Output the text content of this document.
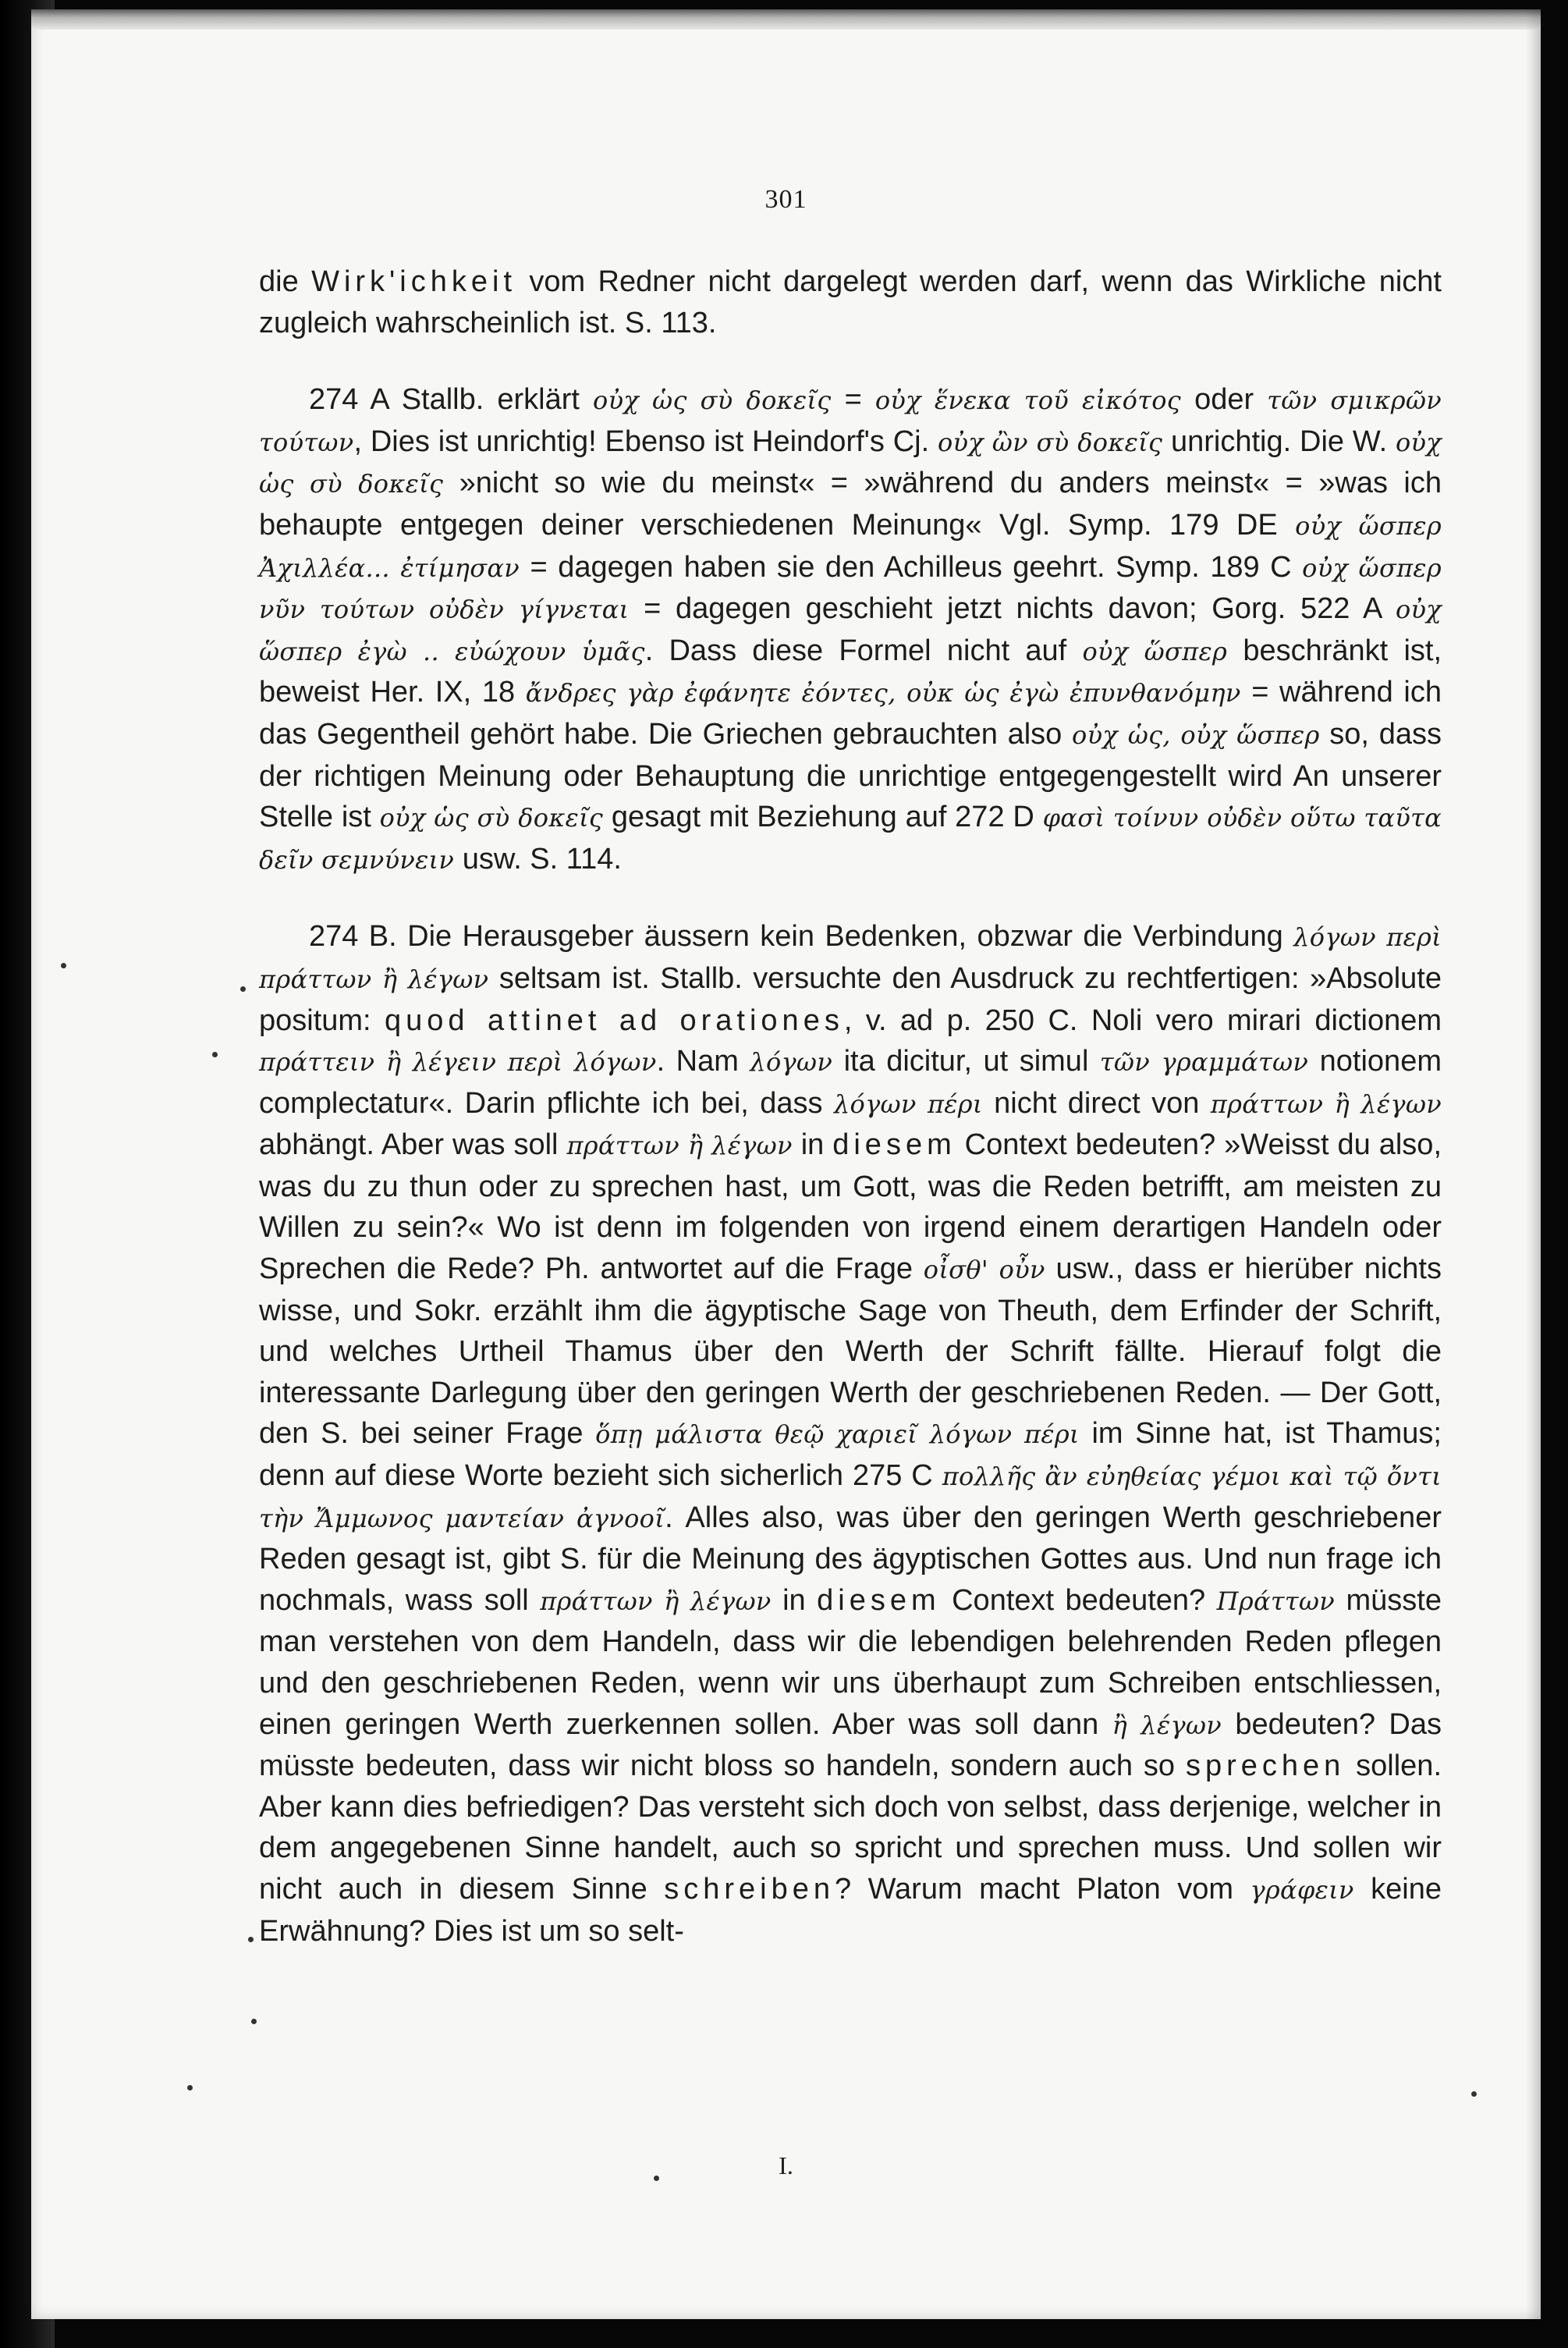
301

die Wirk'ichkeit vom Redner nicht dargelegt werden darf, wenn das Wirkliche nicht zugleich wahrscheinlich ist. S. 113.

274 A Stallb. erklärt οὐχ ὡς σὺ δοκεῖς = οὐχ ἕνεκα τοῦ εἰκότος oder τῶν σμικρῶν τούτων, Dies ist unrichtig! Ebenso ist Heindorf's Cj. οὐχ ὢν σὺ δοκεῖς unrichtig. Die W. οὐχ ὡς σὺ δοκεῖς »nicht so wie du meinst« = »während du anders meinst« = »was ich behaupte entgegen deiner verschiedenen Meinung« Vgl. Symp. 179 DE οὐχ ὥσπερ Ἀχιλλέα... ἐτίμησαν = dagegen haben sie den Achilleus geehrt. Symp. 189 C οὐχ ὥσπερ νῦν τούτων οὐδὲν γίγνεται = dagegen geschieht jetzt nichts davon; Gorg. 522 A οὐχ ὥσπερ ἐγὼ .. εὐώχουν ὑμᾶς. Dass diese Formel nicht auf οὐχ ὥσπερ beschränkt ist, beweist Her. IX, 18 ἄνδρες γὰρ ἐφάνητε ἐόντες, οὐκ ὡς ἐγὼ ἐπυνθανόμην = während ich das Gegentheil gehört habe. Die Griechen gebrauchten also οὐχ ὡς, οὐχ ὥσπερ so, dass der richtigen Meinung oder Behauptung die unrichtige entgegengestellt wird An unserer Stelle ist οὐχ ὡς σὺ δοκεῖς gesagt mit Beziehung auf 272 D φασὶ τοίνυν οὐδὲν οὕτω ταῦτα δεῖν σεμνύνειν usw. S. 114.

274 B. Die Herausgeber äussern kein Bedenken, obzwar die Verbindung λόγων περὶ πράττων ἢ λέγων seltsam ist. Stallb. versuchte den Ausdruck zu rechtfertigen: »Absolute positum: quod attinet ad orationes, v. ad p. 250 C. Noli vero mirari dictionem πράττειν ἢ λέγειν περὶ λόγων. Nam λόγων ita dicitur, ut simul τῶν γραμμάτων notionem complectatur«. Darin pflichte ich bei, dass λόγων πέρι nicht direct von πράττων ἢ λέγων abhängt. Aber was soll πράττων ἢ λέγων in diesem Context bedeuten? »Weisst du also, was du zu thun oder zu sprechen hast, um Gott, was die Reden betrifft, am meisten zu Willen zu sein?« Wo ist denn im folgenden von irgend einem derartigen Handeln oder Sprechen die Rede? Ph. antwortet auf die Frage οἶσθ' οὖν usw., dass er hierüber nichts wisse, und Sokr. erzählt ihm die ägyptische Sage von Theuth, dem Erfinder der Schrift, und welches Urtheil Thamus über den Werth der Schrift fällte. Hierauf folgt die interessante Darlegung über den geringen Werth der geschriebenen Reden. — Der Gott, den S. bei seiner Frage ὅπῃ μάλιστα θεῷ χαριεῖ λόγων πέρι im Sinne hat, ist Thamus; denn auf diese Worte bezieht sich sicherlich 275 C πολλῆς ἂν εὐηθείας γέμοι καὶ τῷ ὄντι τὴν Ἄμμωνος μαντείαν ἀγνοοῖ. Alles also, was über den geringen Werth geschriebener Reden gesagt ist, gibt S. für die Meinung des ägyptischen Gottes aus. Und nun frage ich nochmals, wass soll πράττων ἢ λέγων in diesem Context bedeuten? Πράττων müsste man verstehen von dem Handeln, dass wir die lebendigen belehrenden Reden pflegen und den geschriebenen Reden, wenn wir uns überhaupt zum Schreiben entschliessen, einen geringen Werth zuerkennen sollen. Aber was soll dann ἢ λέγων bedeuten? Das müsste bedeuten, dass wir nicht bloss so handeln, sondern auch so sprechen sollen. Aber kann dies befriedigen? Das versteht sich doch von selbst, dass derjenige, welcher in dem angegebenen Sinne handelt, auch so spricht und sprechen muss. Und sollen wir nicht auch in diesem Sinne schreiben? Warum macht Platon vom γράφειν keine Erwähnung? Dies ist um so selt-

I.
